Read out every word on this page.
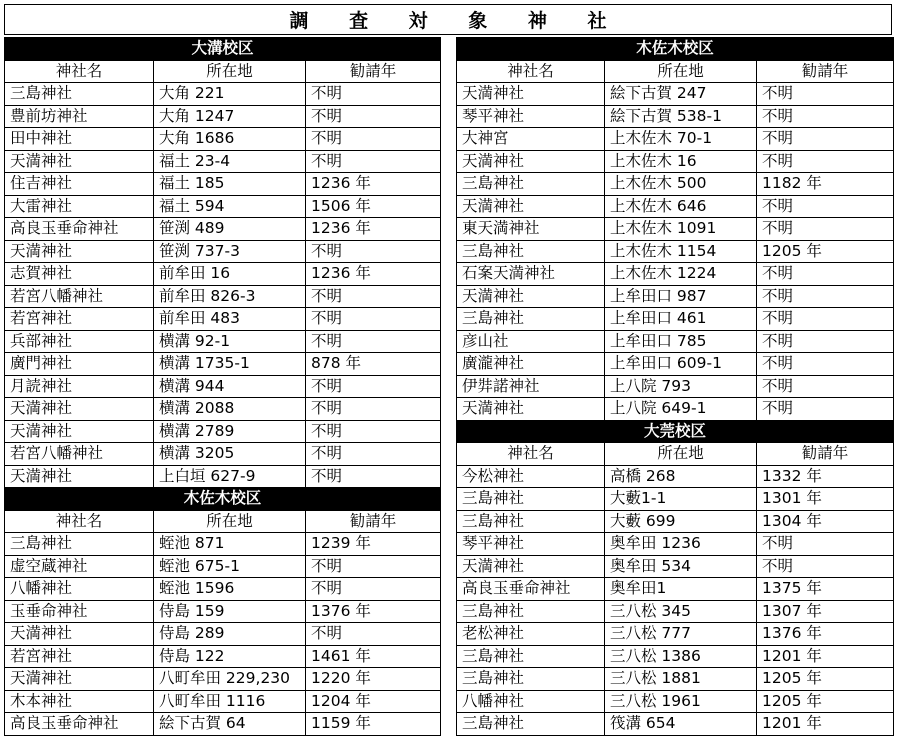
調 査 対 象 神 社
大溝校区		
神社名	所在地	勧請年
三島神社	大角 221	不明
豊前坊神社	大角 1247	不明
田中神社	大角 1686	不明
天満神社	福土 23-4	不明
住吉神社	福土 185	1236 年
大雷神社	福土 594	1506 年
高良玉垂命神社	笹渕 489	1236 年
天満神社	笹渕 737-3	不明
志賀神社	前牟田 16	1236 年
若宮八幡神社	前牟田 826-3	不明
若宮神社	前牟田 483	不明
兵部神社	横溝 92-1	不明
廣門神社	横溝 1735-1	878 年
月読神社	横溝 944	不明
天満神社	横溝 2088	不明
天満神社	横溝 2789	不明
若宮八幡神社	横溝 3205	不明
天満神社	上白垣 627-9	不明
木佐木校区		
神社名	所在地	勧請年
三島神社	蛭池 871	1239 年
虚空蔵神社	蛭池 675-1	不明
八幡神社	蛭池 1596	不明
玉垂命神社	侍島 159	1376 年
天満神社	侍島 289	不明
若宮神社	侍島 122	1461 年
天満神社	八町牟田 229,230	1220 年
木本神社	八町牟田 1116	1204 年
高良玉垂命神社	絵下古賀 64	1159 年
木佐木校区		
神社名	所在地	勧請年
天満神社	絵下古賀 247	不明
琴平神社	絵下古賀 538-1	不明
大神宮	上木佐木 70-1	不明
天満神社	上木佐木 16	不明
三島神社	上木佐木 500	1182 年
天満神社	上木佐木 646	不明
東天満神社	上木佐木 1091	不明
三島神社	上木佐木 1154	1205 年
石案天満神社	上木佐木 1224	不明
天満神社	上牟田口 987	不明
三島神社	上牟田口 461	不明
彦山社	上牟田口 785	不明
廣瀧神社	上牟田口 609-1	不明
伊弉諾神社	上八院 793	不明
天満神社	上八院 649-1	不明
大莞校区		
神社名	所在地	勧請年
今松神社	高橋 268	1332 年
三島神社	大藪1-1	1301 年
三島神社	大藪 699	1304 年
琴平神社	奥牟田 1236	不明
天満神社	奥牟田 534	不明
高良玉垂命神社	奥牟田1	1375 年
三島神社	三八松 345	1307 年
老松神社	三八松 777	1376 年
三島神社	三八松 1386	1201 年
三島神社	三八松 1881	1205 年
八幡神社	三八松 1961	1205 年
三島神社	筏溝 654	1201 年
